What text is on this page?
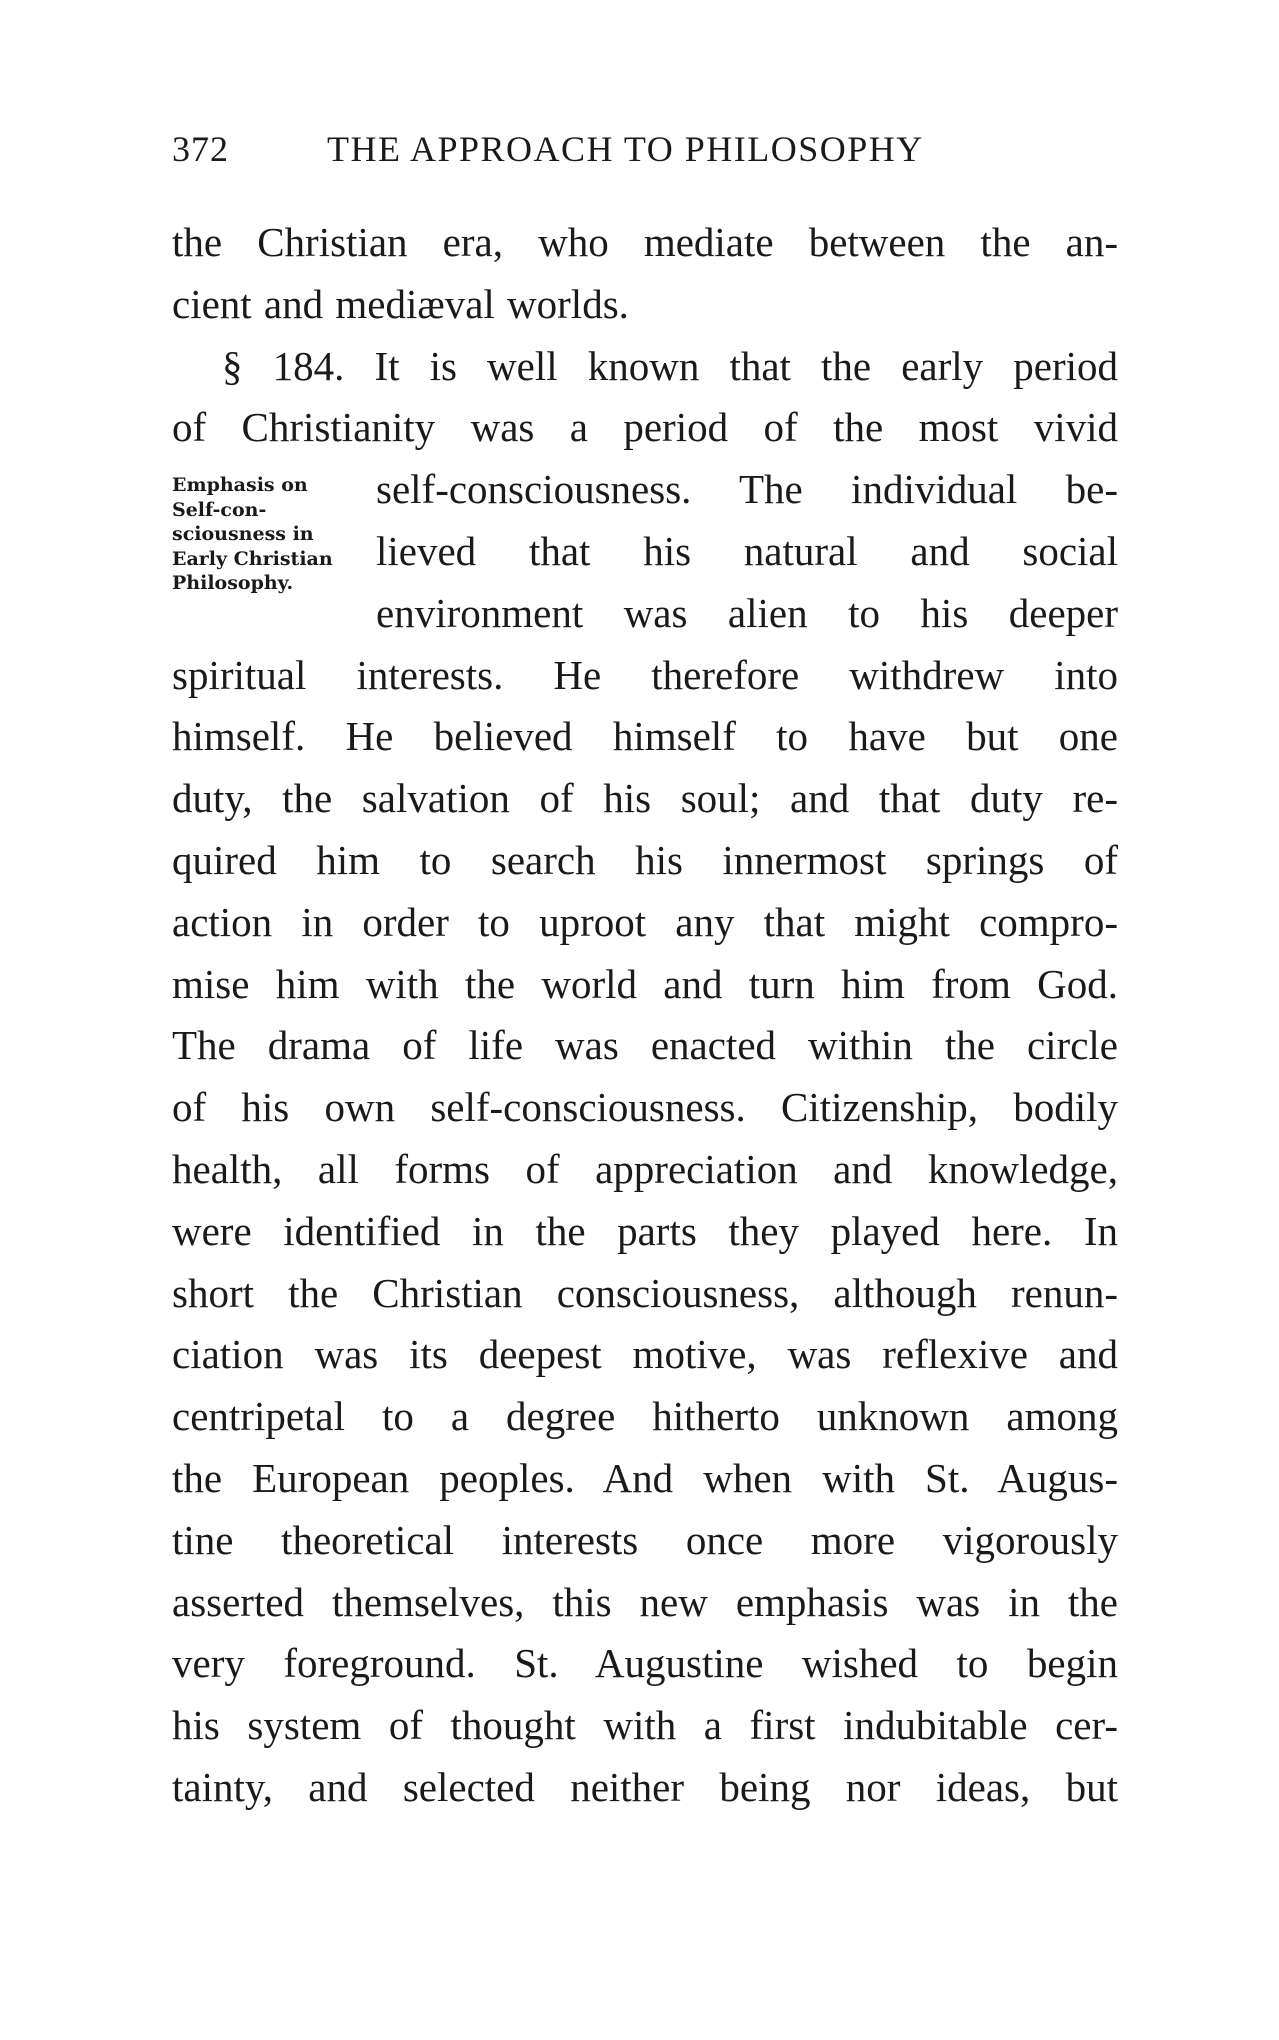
372	THE APPROACH TO PHILOSOPHY
Emphasis on
Self-con-
sciousness in
Early Christian
Philosophy.
the Christian era, who mediate between the an-
cient and mediæval worlds.
§ 184. It is well known that the early period
of Christianity was a period of the most vivid
self-consciousness. The individual be-
lieved that his natural and social
environment was alien to his deeper
spiritual interests. He therefore withdrew into
himself. He believed himself to have but one
duty, the salvation of his soul; and that duty re-
quired him to search his innermost springs of
action in order to uproot any that might compro-
mise him with the world and turn him from God.
The drama of life was enacted within the circle
of his own self-consciousness. Citizenship, bodily
health, all forms of appreciation and knowledge,
were identified in the parts they played here. In
short the Christian consciousness, although renun-
ciation was its deepest motive, was reflexive and
centripetal to a degree hitherto unknown among
the European peoples. And when with St. Augus-
tine theoretical interests once more vigorously
asserted themselves, this new emphasis was in the
very foreground. St. Augustine wished to begin
his system of thought with a first indubitable cer-
tainty, and selected neither being nor ideas, but
